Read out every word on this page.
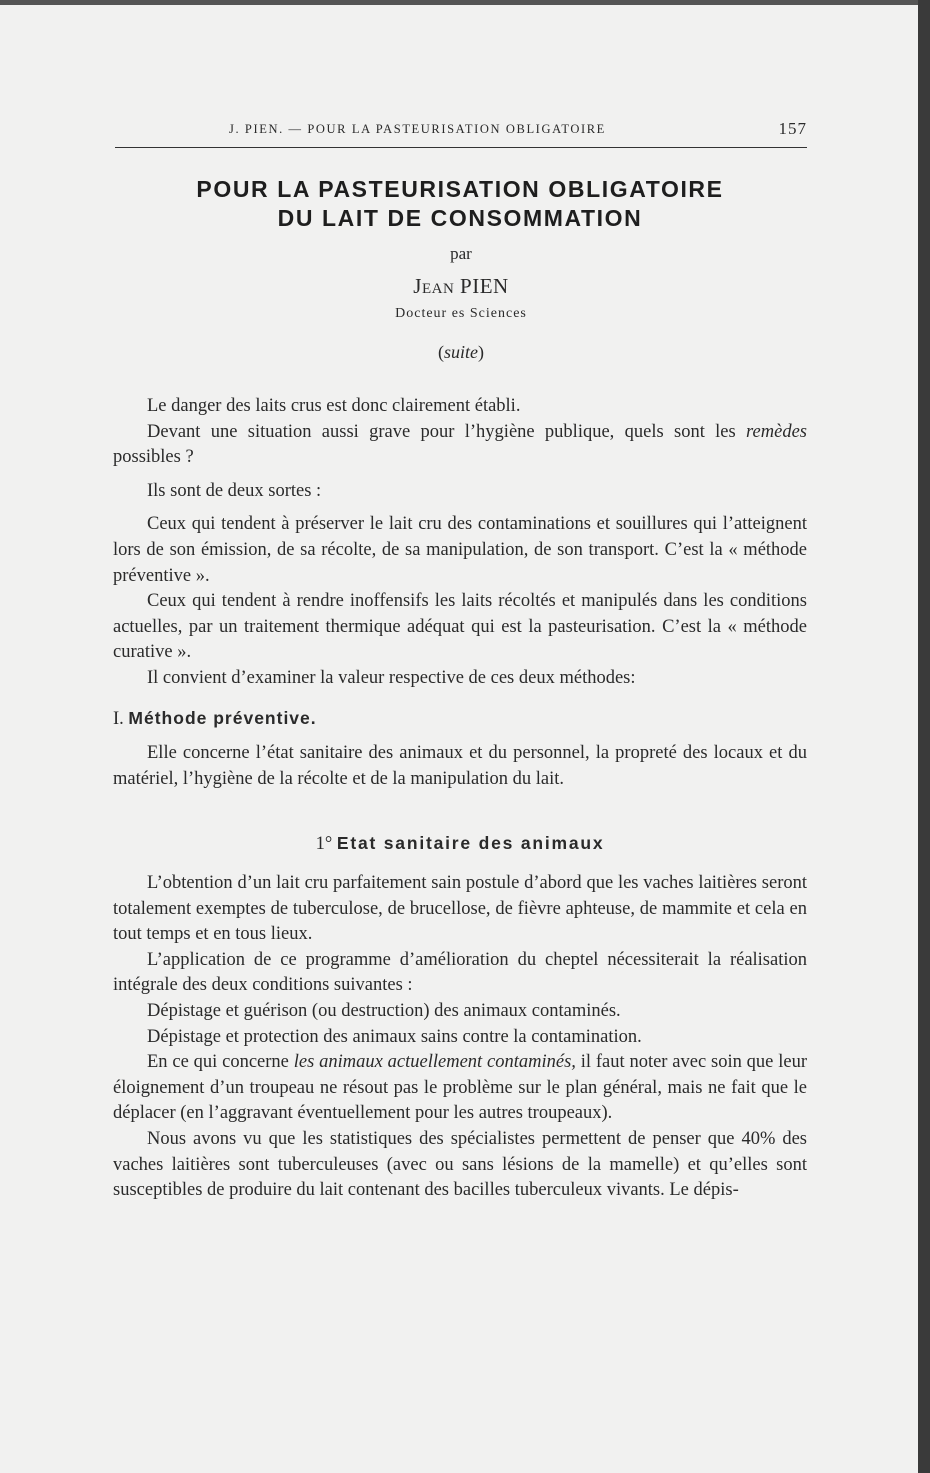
J. PIEN. — POUR LA PASTEURISATION OBLIGATOIRE	157
POUR LA PASTEURISATION OBLIGATOIRE
DU LAIT DE CONSOMMATION
par
Jean PIEN
Docteur es Sciences
(suite)

Le danger des laits crus est donc clairement établi.

Devant une situation aussi grave pour l’hygiène publique, quels sont les remèdes possibles ?

Ils sont de deux sortes :

Ceux qui tendent à préserver le lait cru des contaminations et souillures qui l’atteignent lors de son émission, de sa récolte, de sa manipulation, de son transport. C’est la « méthode préventive ».

Ceux qui tendent à rendre inoffensifs les laits récoltés et manipulés dans les conditions actuelles, par un traitement thermique adéquat qui est la pasteurisation. C’est la « méthode curative ».

Il convient d’examiner la valeur respective de ces deux méthodes:

I. Méthode préventive.

Elle concerne l’état sanitaire des animaux et du personnel, la propreté des locaux et du matériel, l’hygiène de la récolte et de la manipulation du lait.

1° Etat sanitaire des animaux

L’obtention d’un lait cru parfaitement sain postule d’abord que les vaches laitières seront totalement exemptes de tuberculose, de brucellose, de fièvre aphteuse, de mammite et cela en tout temps et en tous lieux.

L’application de ce programme d’amélioration du cheptel nécessiterait la réalisation intégrale des deux conditions suivantes :

Dépistage et guérison (ou destruction) des animaux contaminés.

Dépistage et protection des animaux sains contre la contamination.

En ce qui concerne les animaux actuellement contaminés, il faut noter avec soin que leur éloignement d’un troupeau ne résout pas le problème sur le plan général, mais ne fait que le déplacer (en l’aggravant éventuellement pour les autres troupeaux).

Nous avons vu que les statistiques des spécialistes permettent de penser que 40% des vaches laitières sont tuberculeuses (avec ou sans lésions de la mamelle) et qu’elles sont susceptibles de produire du lait contenant des bacilles tuberculeux vivants. Le dépis-
